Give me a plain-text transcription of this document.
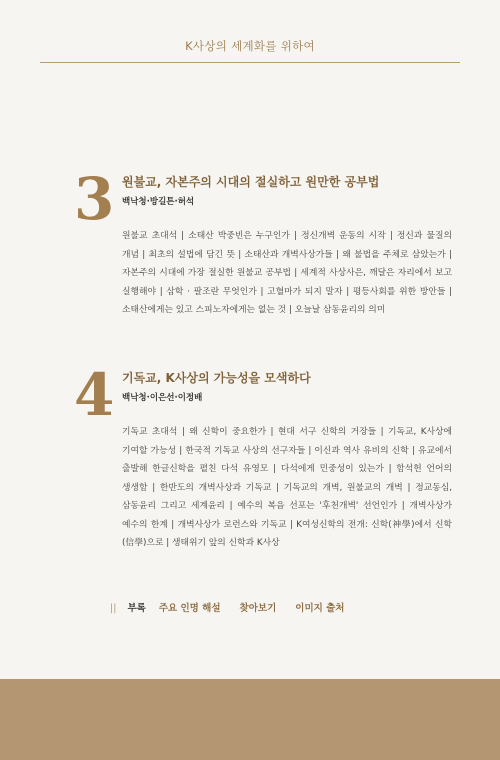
K사상의 세계화를 위하여
3 원불교, 자본주의 시대의 절실하고 원만한 공부법
백낙청·방길튼·허석
원불교 초대석 | 소태산 박중빈은 누구인가 | 정신개벽 운동의 시작 | 정신과 물질의 개념 | 최초의 설법에 담긴 뜻 | 소태산과 개벽사상가들 | 왜 불법을 주체로 삼았는가 | 자본주의 시대에 가장 절실한 원불교 공부법 | 세계적 사상사은, 깨달은 자리에서 보고 실행해야 | 삼학 · 팔조란 무엇인가 | 고혈마가 되지 말자 | 평등사회를 위한 방안들 | 소태산에게는 있고 스피노자에게는 없는 것 | 오늘날 삼동윤리의 의미
4 기독교, K사상의 가능성을 모색하다
백낙청·이은선·이정배
기독교 초대석 | 왜 신학이 중요한가 | 현대 서구 신학의 거장들 | 기독교, K사상에 기여할 가능성 | 한국적 기독교 사상의 선구자들 | 이신과 역사 유비의 신학 | 유교에서 출발해 한글신학을 펼친 다석 유영모 | 다석에게 민중성이 있는가 | 함석헌 언어의 생생함 | 한반도의 개벽사상과 기독교 | 기독교의 개벽, 원불교의 개벽 | 정교동심, 삼동윤리 그리고 세계윤리 | 예수의 복음 선포는 '후천개벽' 선언인가 | 개벽사상가 예수의 한계 | 개벽사상가 로런스와 기독교 | K여성신학의 전개: 신학(神學)에서 신학(信學)으로 | 생태위기 앞의 신학과 K사상
|| 부록 주요 인명 해설 찾아보기 이미지 출처
